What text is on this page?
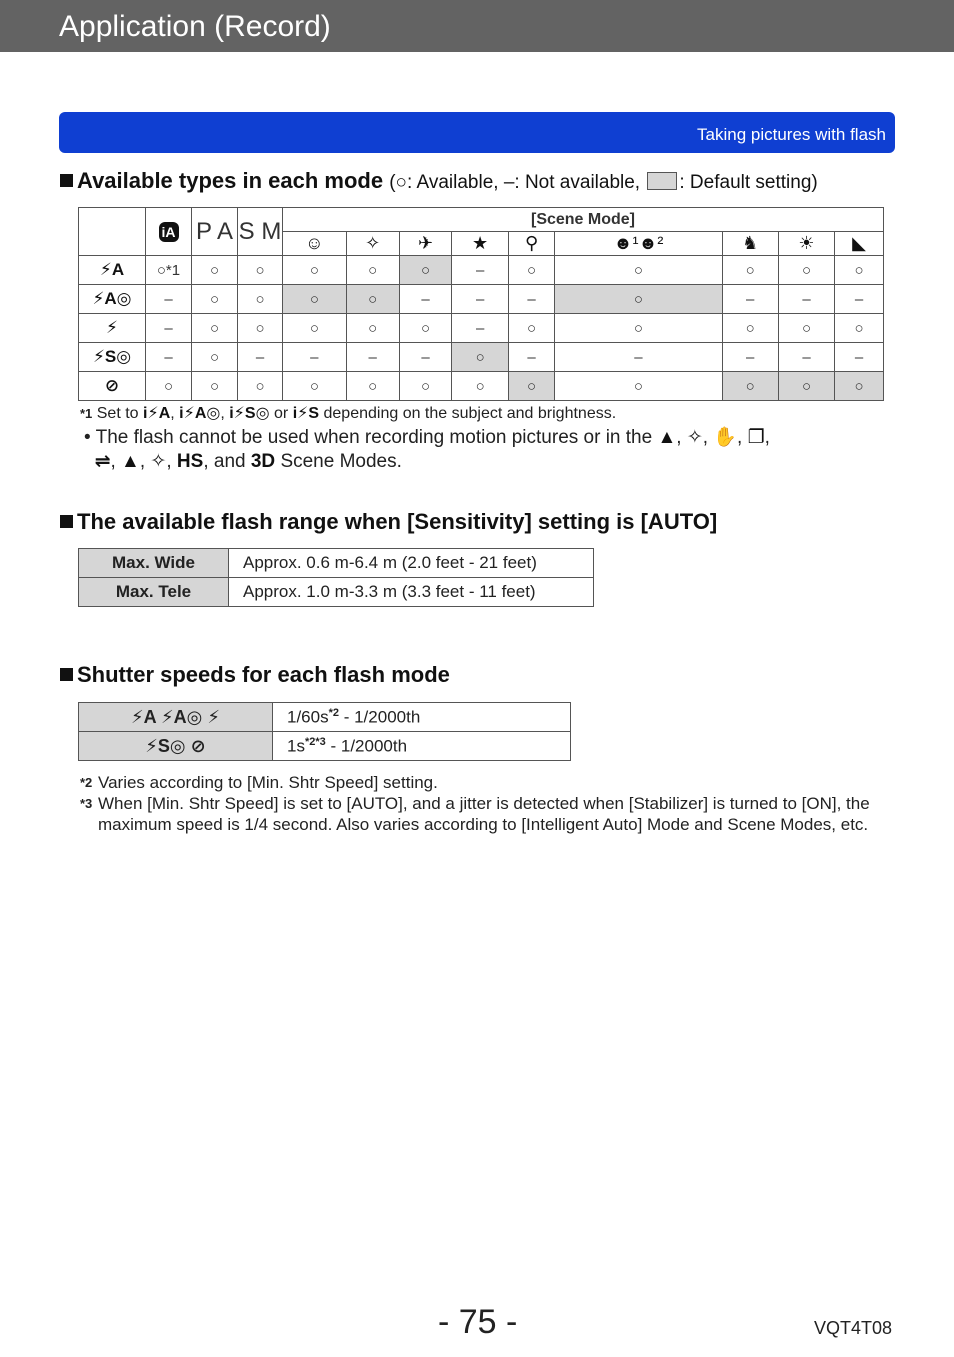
Application (Record)
Taking pictures with flash
Available types in each mode (○: Available, –: Not available, : Default setting)
	iA	P A	S M	[Scene Mode]								
				☺	✧	✈	★	⚲	☻¹☻²	♞	☀	◣
⚡A	○*1	○	○	○	○	○	–	○	○	○	○	○
⚡A◎	–	○	○	○	○	–	–	–	○	–	–	–
⚡	–	○	○	○	○	○	–	○	○	○	○	○
⚡S◎	–	○	–	–	–	–	○	–	–	–	–	–
⊘	○	○	○	○	○	○	○	○	○	○	○	○
*1 Set to i⚡A, i⚡A◎, i⚡S◎ or i⚡S depending on the subject and brightness.
• The flash cannot be used when recording motion pictures or in the ▲, ✧, ✋, ❐,
⇌, ▲, ✧, HS, and 3D Scene Modes.
The available flash range when [Sensitivity] setting is [AUTO]
Max. Wide	Approx. 0.6 m-6.4 m (2.0 feet - 21 feet)
Max. Tele	Approx. 1.0 m-3.3 m (3.3 feet - 11 feet)
Shutter speeds for each flash mode
⚡A ⚡A◎ ⚡	$1/60s^{*2} - 1/2000th$
⚡S◎ ⊘	$1s^{*2*3} - 1/2000th$
*2 Varies according to [Min. Shtr Speed] setting.
*3 When [Min. Shtr Speed] is set to [AUTO], and a jitter is detected when [Stabilizer] is turned to [ON], the maximum speed is 1/4 second. Also varies according to [Intelligent Auto] Mode and Scene Modes, etc.
- 75 -	VQT4T08
